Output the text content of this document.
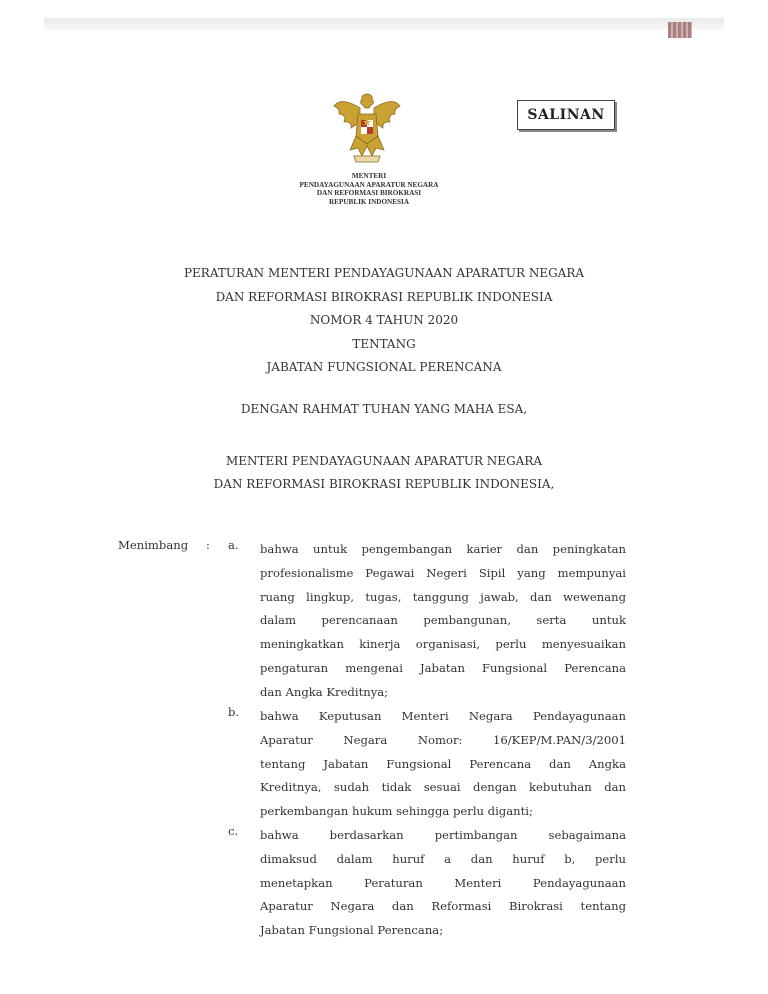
SALINAN
MENTERI
PENDAYAGUNAAN APARATUR NEGARA
DAN REFORMASI BIROKRASI
REPUBLIK INDONESIA
PERATURAN MENTERI PENDAYAGUNAAN APARATUR NEGARA
DAN REFORMASI BIROKRASI REPUBLIK INDONESIA
NOMOR 4 TAHUN 2020
TENTANG
JABATAN FUNGSIONAL PERENCANA
DENGAN RAHMAT TUHAN YANG MAHA ESA,
MENTERI PENDAYAGUNAAN APARATUR NEGARA
DAN REFORMASI BIROKRASI REPUBLIK INDONESIA,
Menimbang : a. bahwa untuk pengembangan karier dan peningkatan
profesionalisme Pegawai Negeri Sipil yang mempunyai
ruang lingkup, tugas, tanggung jawab, dan wewenang
dalam perencanaan pembangunan, serta untuk
meningkatkan kinerja organisasi, perlu menyesuaikan
pengaturan mengenai Jabatan Fungsional Perencana
dan Angka Kreditnya;
b. bahwa Keputusan Menteri Negara Pendayagunaan
Aparatur Negara Nomor: 16/KEP/M.PAN/3/2001
tentang Jabatan Fungsional Perencana dan Angka
Kreditnya, sudah tidak sesuai dengan kebutuhan dan
perkembangan hukum sehingga perlu diganti;
c. bahwa berdasarkan pertimbangan sebagaimana
dimaksud dalam huruf a dan huruf b, perlu
menetapkan Peraturan Menteri Pendayagunaan
Aparatur Negara dan Reformasi Birokrasi tentang
Jabatan Fungsional Perencana;
